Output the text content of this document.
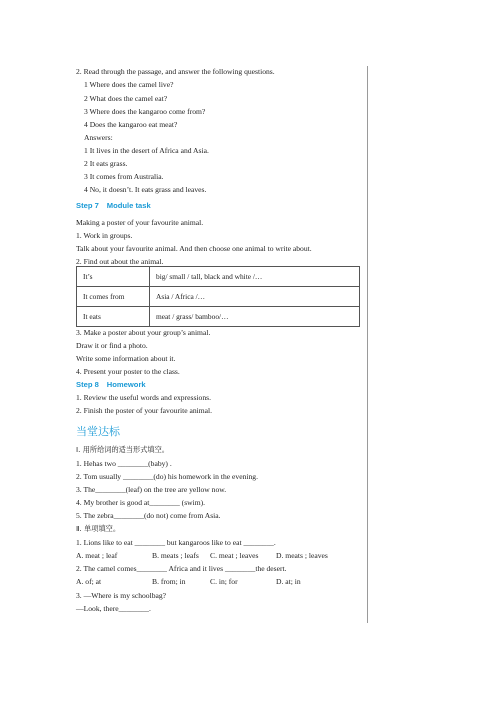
2. Read through the passage, and answer the following questions.
1 Where does the camel live?
2 What does the camel eat?
3 Where does the kangaroo come from?
4 Does the kangaroo eat meat?
Answers:
1 It lives in the desert of Africa and Asia.
2 It eats grass.
3 It comes from Australia.
4 No, it doesn’t. It eats grass and leaves.
Step 7 Module task
Making a poster of your favourite animal.
1. Work in groups.
Talk about your favourite animal. And then choose one animal to write about.
2. Find out about the animal.
It’s	big/ small / tall, black and white /…
It comes from	Asia / Africa /…
It eats	meat / grass/ bamboo/…
3. Make a poster about your group’s animal.
Draw it or find a photo.
Write some information about it.
4. Present your poster to the class.
Step 8 Homework
1. Review the useful words and expressions.
2. Finish the poster of your favourite animal.
当堂达标
Ⅰ. 用所给词的适当形式填空。
1. Hehas two ________(baby) .
2. Tom usually ________(do) his homework in the evening.
3. The________(leaf) on the tree are yellow now.
4. My brother is good at________ (swim).
5. The zebra________(do not) come from Asia.
Ⅱ. 单项填空。
1. Lions like to eat ________ but kangaroos like to eat ________.
A. meat ; leaf	B. meats ; leafs C. meat ; leaves D. meats ; leaves
2. The camel comes________ Africa and it lives ________the desert.
A. of; at	B. from; in	C. in; for	D. at; in
3. —Where is my schoolbag?
—Look, there________.
